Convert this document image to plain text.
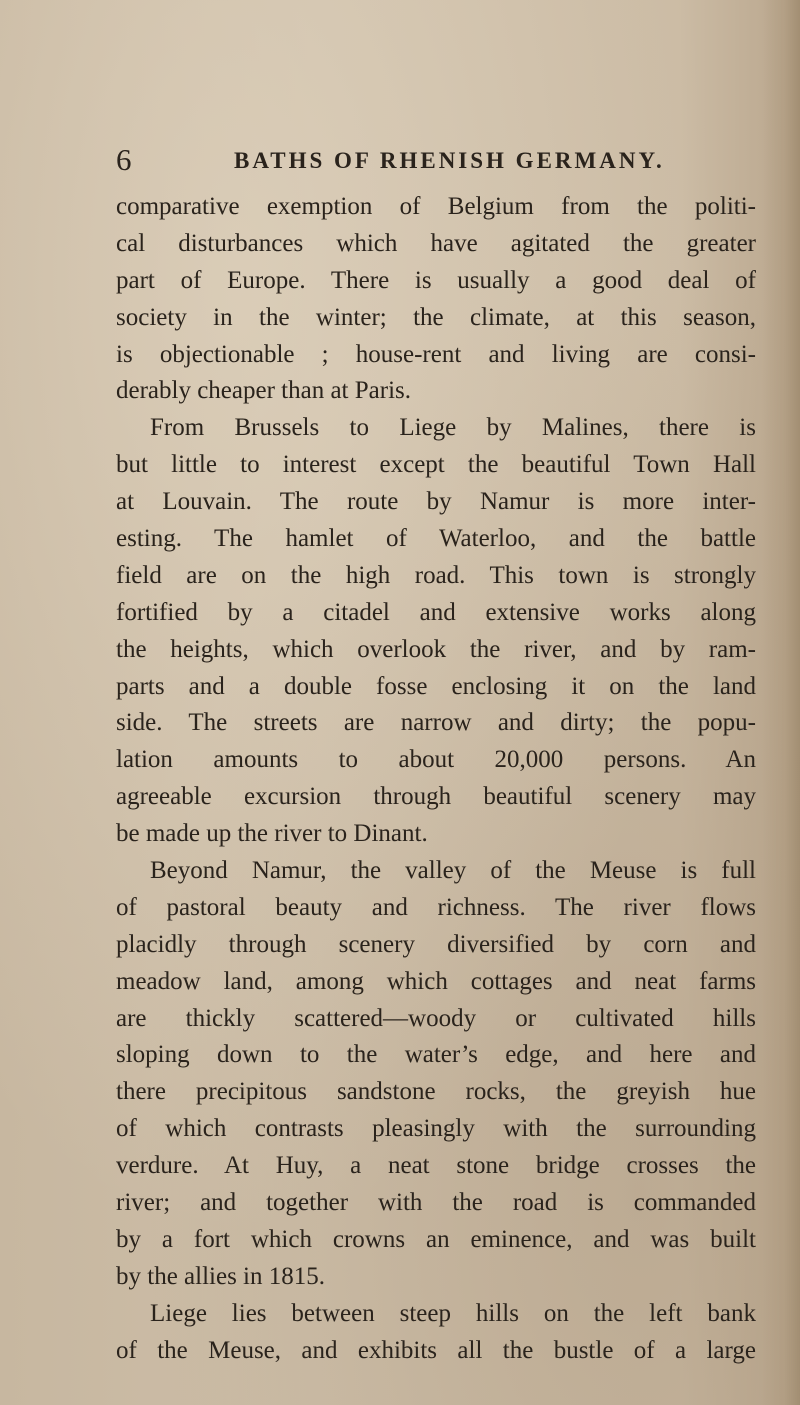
6	BATHS OF RHENISH GERMANY.
comparative exemption of Belgium from the politi-
cal disturbances which have agitated the greater
part of Europe. There is usually a good deal of
society in the winter; the climate, at this season,
is objectionable ; house-rent and living are consi-
derably cheaper than at Paris.
From Brussels to Liege by Malines, there is
but little to interest except the beautiful Town Hall
at Louvain. The route by Namur is more inter-
esting. The hamlet of Waterloo, and the battle
field are on the high road. This town is strongly
fortified by a citadel and extensive works along
the heights, which overlook the river, and by ram-
parts and a double fosse enclosing it on the land
side. The streets are narrow and dirty; the popu-
lation amounts to about 20,000 persons. An
agreeable excursion through beautiful scenery may
be made up the river to Dinant.
Beyond Namur, the valley of the Meuse is full
of pastoral beauty and richness. The river flows
placidly through scenery diversified by corn and
meadow land, among which cottages and neat farms
are thickly scattered—woody or cultivated hills
sloping down to the water’s edge, and here and
there precipitous sandstone rocks, the greyish hue
of which contrasts pleasingly with the surrounding
verdure. At Huy, a neat stone bridge crosses the
river; and together with the road is commanded
by a fort which crowns an eminence, and was built
by the allies in 1815.
Liege lies between steep hills on the left bank
of the Meuse, and exhibits all the bustle of a large
